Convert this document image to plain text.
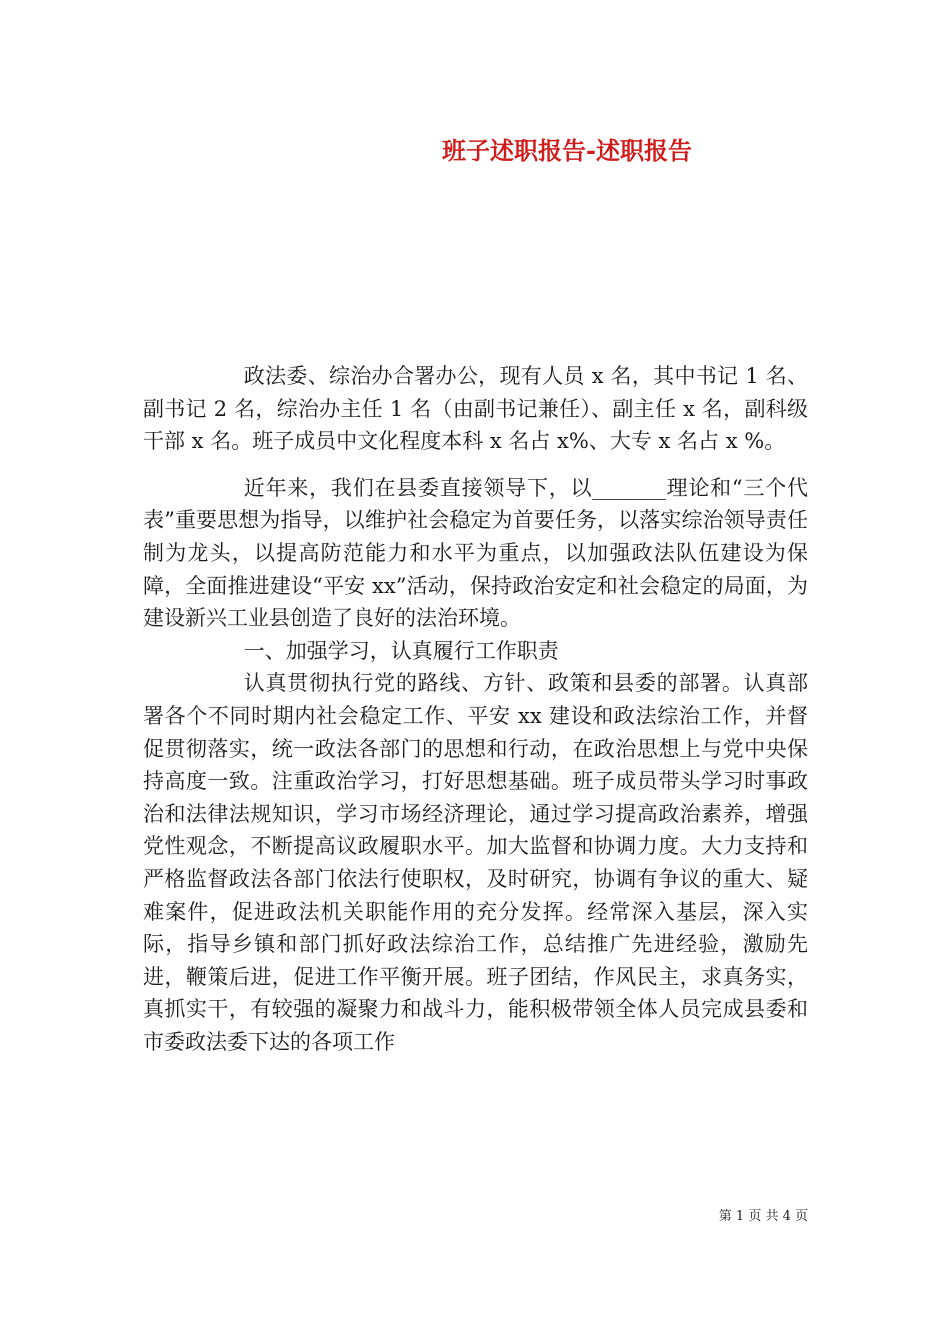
班子述职报告-述职报告

政法委、综治办合署办公，现有人员 x 名，其中书记 1 名、副书记 2 名，综治办主任 1 名（由副书记兼任）、副主任 x 名，副科级干部 x 名。班子成员中文化程度本科 x 名占 x%、大专 x 名占 x %。

近年来，我们在县委直接领导下，以_______理论和“三个代表”重要思想为指导，以维护社会稳定为首要任务，以落实综治领导责任制为龙头，以提高防范能力和水平为重点，以加强政法队伍建设为保障，全面推进建设“平安 xx”活动，保持政治安定和社会稳定的局面，为建设新兴工业县创造了良好的法治环境。

一、加强学习，认真履行工作职责

认真贯彻执行党的路线、方针、政策和县委的部署。认真部署各个不同时期内社会稳定工作、平安 xx 建设和政法综治工作，并督促贯彻落实，统一政法各部门的思想和行动，在政治思想上与党中央保持高度一致。注重政治学习，打好思想基础。班子成员带头学习时事政治和法律法规知识，学习市场经济理论，通过学习提高政治素养，增强党性观念，不断提高议政履职水平。加大监督和协调力度。大力支持和严格监督政法各部门依法行使职权，及时研究，协调有争议的重大、疑难案件，促进政法机关职能作用的充分发挥。经常深入基层，深入实际，指导乡镇和部门抓好政法综治工作，总结推广先进经验，激励先进，鞭策后进，促进工作平衡开展。班子团结，作风民主，求真务实，真抓实干，有较强的凝聚力和战斗力，能积极带领全体人员完成县委和市委政法委下达的各项工作

第 1 页 共 4 页
